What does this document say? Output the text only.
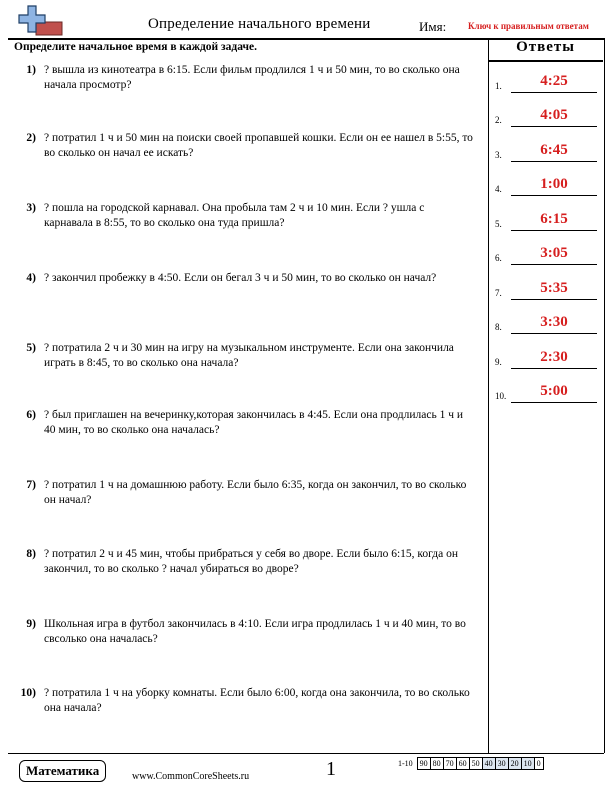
Определение начального времени	Имя: Ключ к правильным ответам
Ответы
1.	4:25
2.	4:05
3.	6:45
4.	1:00
5.	6:15
6.	3:05
7.	5:35
8.	3:30
9.	2:30
10.	5:00
Определите начальное время в каждой задаче.
1) ? вышла из кинотеатра в 6:15. Если фильм продлился 1 ч и 50 мин, то во сколько она начала просмотр?
2) ? потратил 1 ч и 50 мин на поиски своей пропавшей кошки. Если он ее нашел в 5:55, то во сколько он начал ее искать?
3) ? пошла на городской карнавал. Она пробыла там 2 ч и 10 мин. Если ? ушла с карнавала в 8:55, то во сколько она туда пришла?
4) ? закончил пробежку в 4:50. Если он бегал 3 ч и 50 мин, то во сколько он начал?
5) ? потратила 2 ч и 30 мин на игру на музыкальном инструменте. Если она закончила играть в 8:45, то во сколько она начала?
6) ? был приглашен на вечеринку,которая закончилась в 4:45. Если она продлилась 1 ч и 40 мин, то во сколько она началась?
7) ? потратил 1 ч на домашнюю работу. Если было 6:35, когда он закончил, то во сколько он начал?
8) ? потратил 2 ч и 45 мин, чтобы прибраться у себя во дворе. Если было 6:15, когда он закончил, то во сколько ? начал убираться во дворе?
9) Школьная игра в футбол закончилась в 4:10. Если игра продлилась 1 ч и 40 мин, то во свсолько она началась?
10) ? потратила 1 ч на уборку комнаты. Если было 6:00, когда она закончила, то во сколько она начала?
Математика	www.CommonCoreSheets.ru	1	1-10	90	80	70	60	50	40	30	20	10	0
